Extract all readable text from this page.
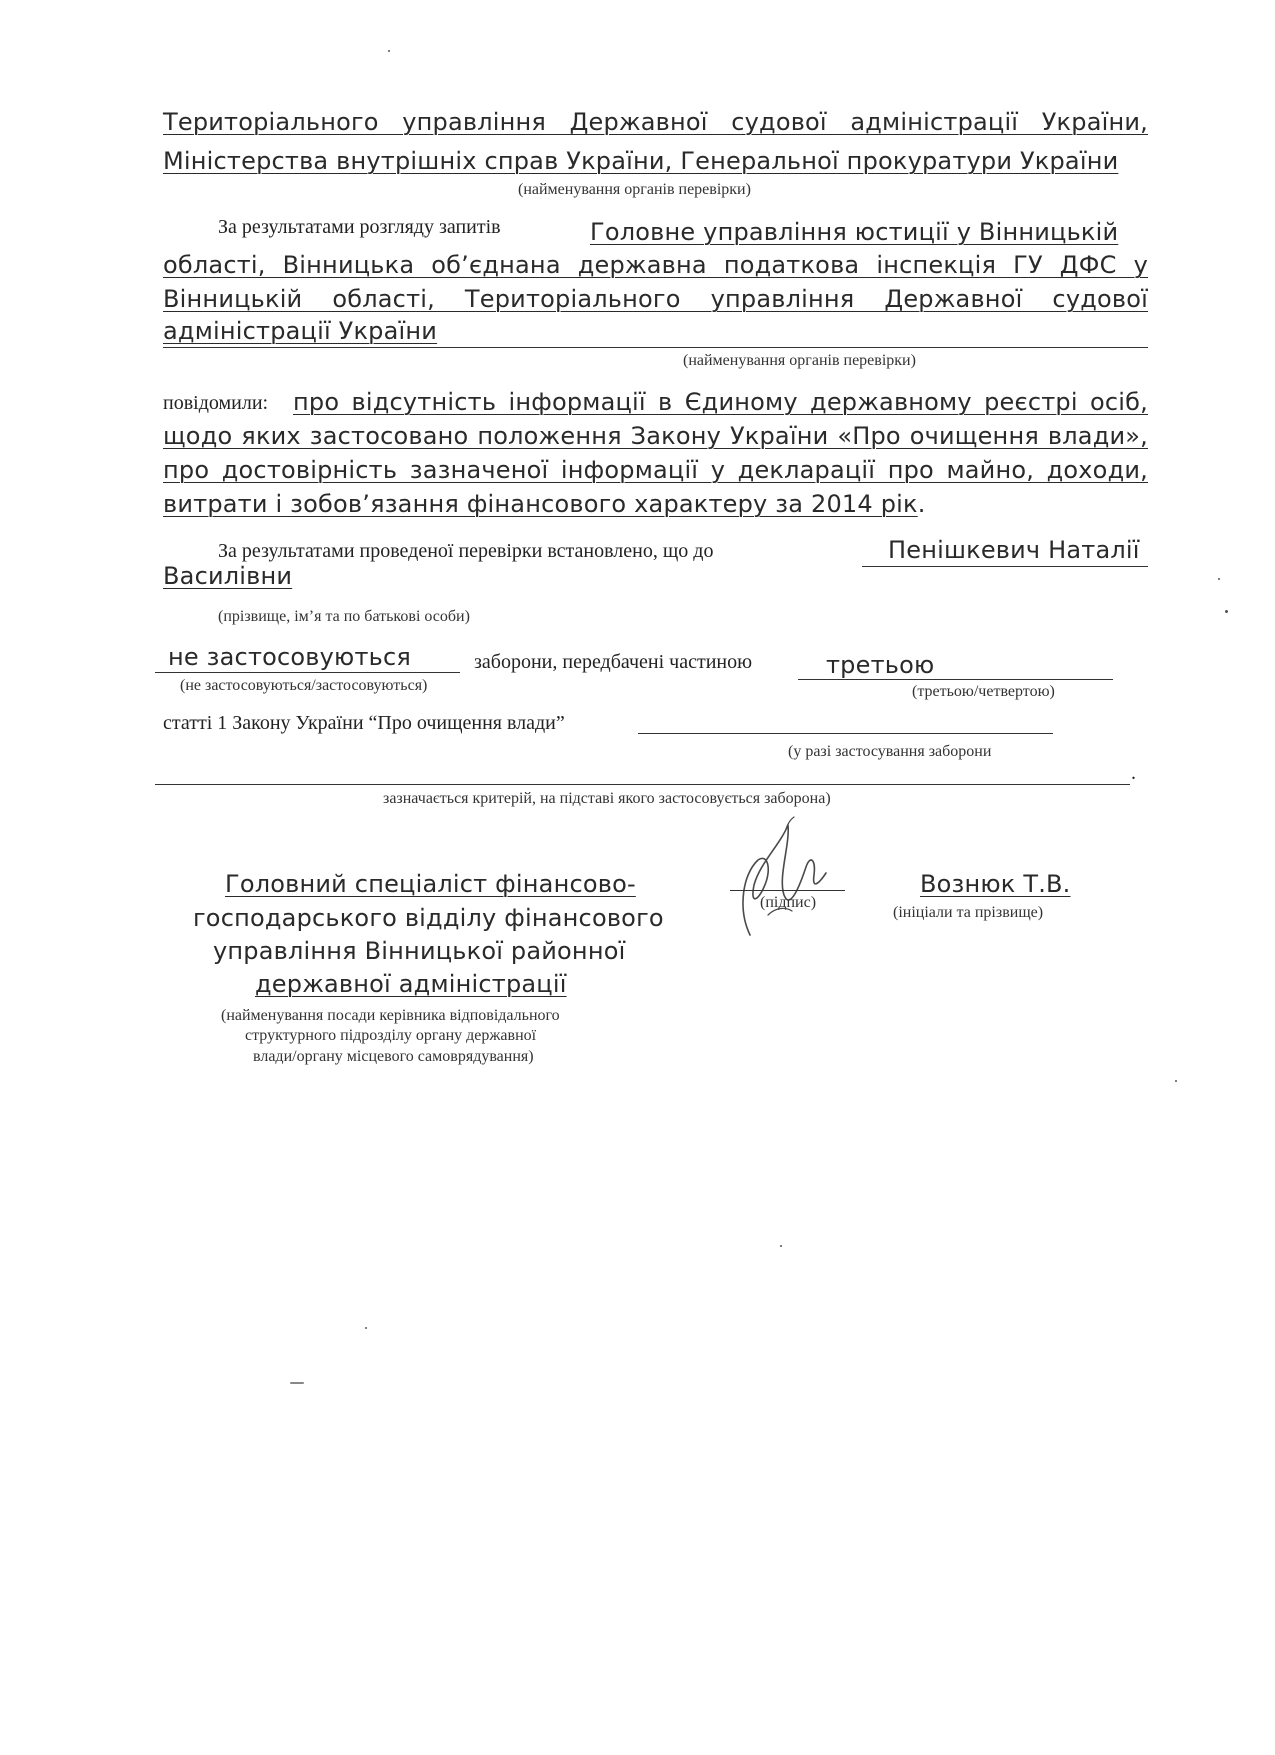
Територіального управління Державної судової адміністрації України,
Міністерства внутрішніх справ України, Генеральної прокуратури України
(найменування органів перевірки)
За результатами розгляду запитів	Головне управління юстиції у Вінницькій
області, Вінницька об’єднана державна податкова інспекція ГУ ДФС у
Вінницькій області, Територіального управління Державної судової
адміністрації України
(найменування органів перевірки)
повідомили: про відсутність інформації в Єдиному державному реєстрі осіб,
щодо яких застосовано положення Закону України «Про очищення влади»,
про достовірність зазначеної інформації у декларації про майно, доходи,
витрати і зобов’язання фінансового характеру за 2014 рік.
За результатами проведеної перевірки встановлено, що до	Пенішкевич Наталії
Василівни
(прізвище, ім’я та по батькові особи)
не застосовуються	заборони, передбачені частиною	третьою
(не застосовуються/застосовуються)	(третьою/четвертою)
статті 1 Закону України “Про очищення влади”
(у разі застосування заборони
.
зазначається критерій, на підставі якого застосовується заборона)
Головний спеціаліст фінансово-
господарського відділу фінансового
управління Вінницької районної
державної адміністрації
(найменування посади керівника відповідального
структурного підрозділу органу державної
влади/органу місцевого самоврядування)
(підпис)
Вознюк Т.В.
(ініціали та прізвище)
